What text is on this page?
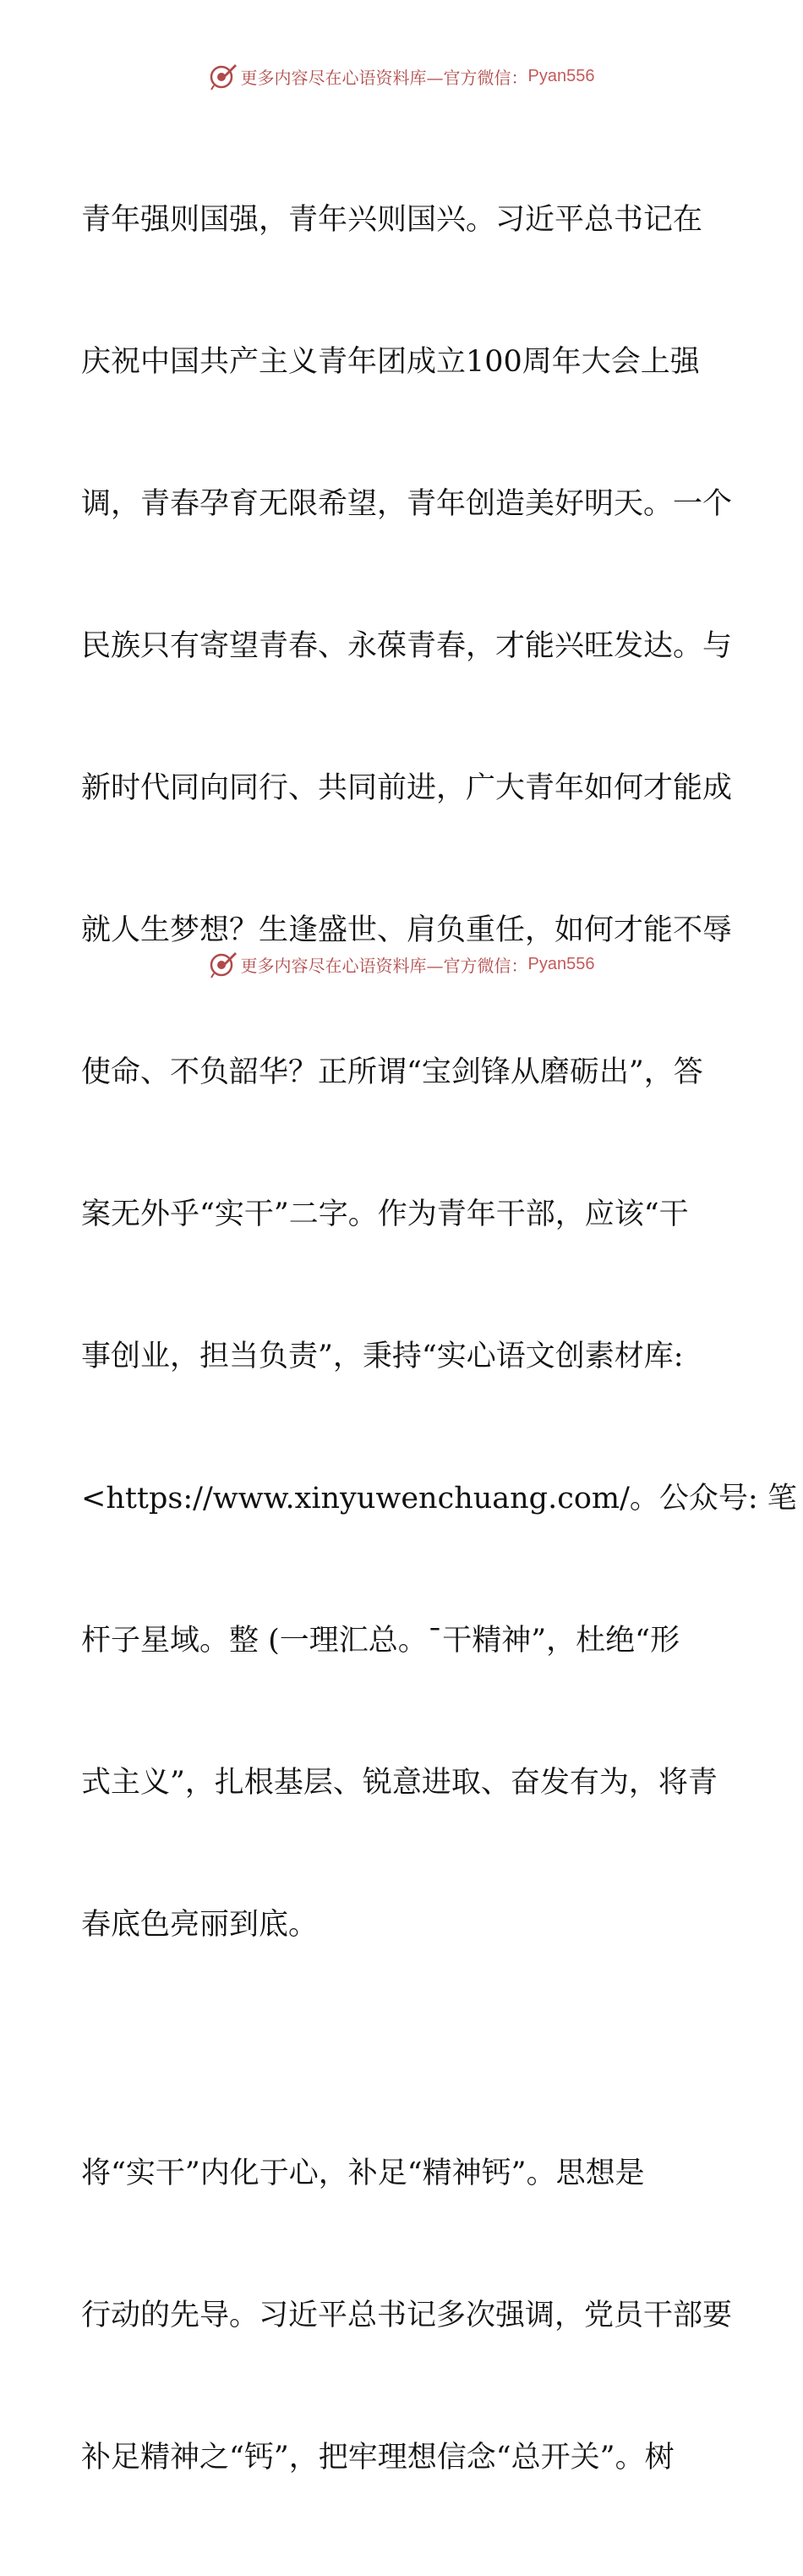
更多内容尽在心语资料库—官方微信： Pyan556

青年强则国强，青年兴则国兴。习近平总书记在

庆祝中国共产主义青年团成立100周年大会上强

调，青春孕育无限希望，青年创造美好明天。一个

民族只有寄望青春、永葆青春，才能兴旺发达。与

新时代同向同行、共同前进，广大青年如何才能成

就人生梦想？生逢盛世、肩负重任，如何才能不辱

使命、不负韶华？正所谓“宝剑锋从磨砺出”，答

案无外乎“实干”二字。作为青年干部，应该“干

事创业，担当负责”，秉持“实心语文创素材库:

<https://www.xinyuwenchuang.com/。公众号: 笔

杆子星域。整 (一理汇总。¯干精神”，杜绝“形

式主义”，扎根基层、锐意进取、奋发有为，将青

春底色亮丽到底。

将“实干”内化于心，补足“精神钙”。思想是

行动的先导。习近平总书记多次强调，党员干部要

补足精神之“钙”，把牢理想信念“总开关”。树

更多内容尽在心语资料库—官方微信： Pyan556
